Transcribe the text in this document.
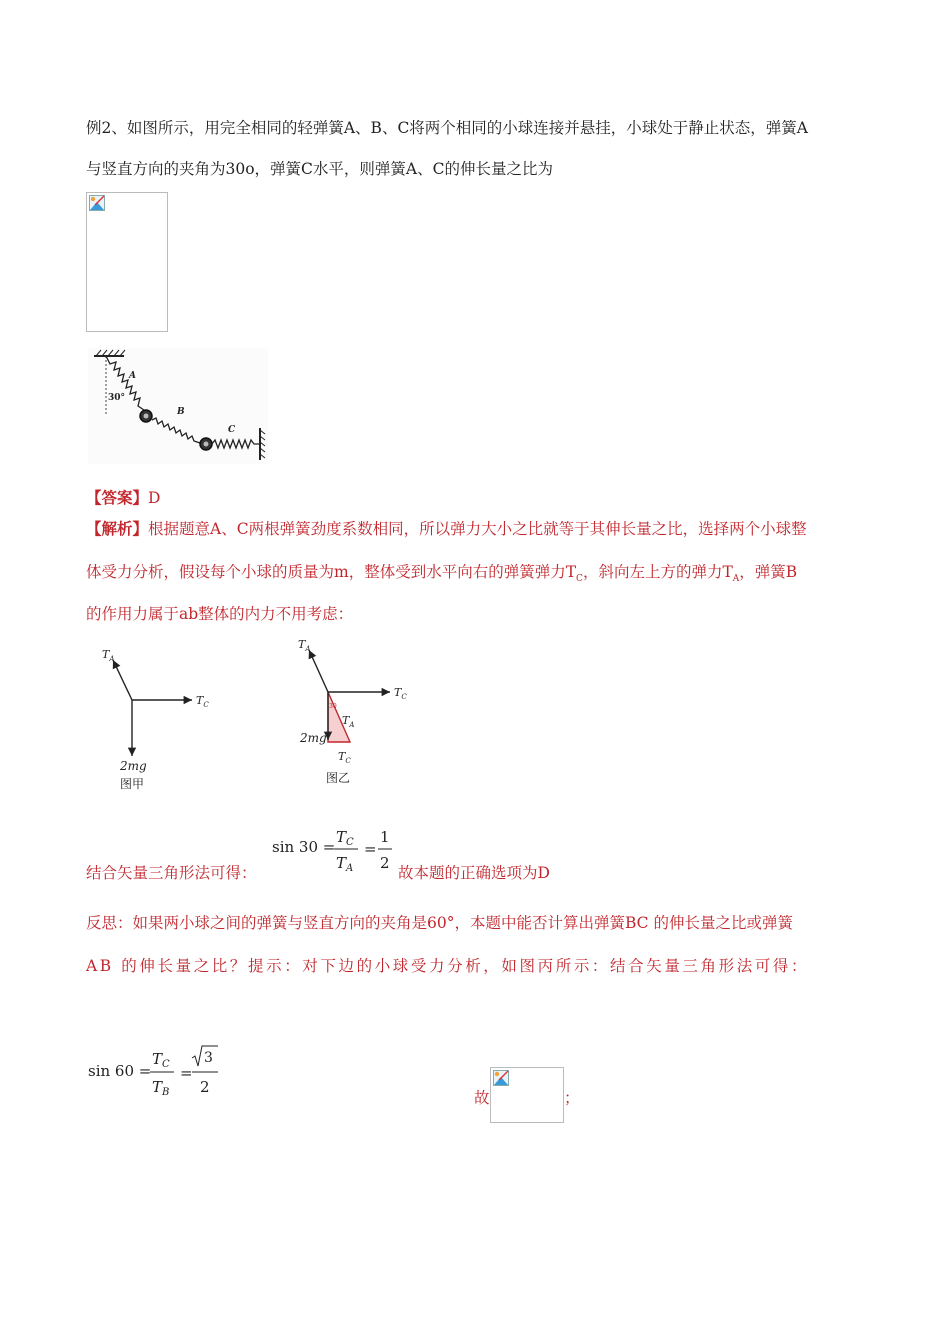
例2、如图所示，用完全相同的轻弹簧A、B、C将两个相同的小球连接并悬挂，小球处于静止状态，弹簧A
与竖直方向的夹角为30o，弹簧C水平，则弹簧A、C的伸长量之比为
A
30°
B
C
【答案】D
【解析】根据题意A、C两根弹簧劲度系数相同，所以弹力大小之比就等于其伸长量之比，选择两个小球整
体受力分析，假设每个小球的质量为m，整体受到水平向右的弹簧弹力$T_C$，斜向左上方的弹力$T_A$，弹簧B
的作用力属于ab整体的内力不用考虑：
$T_A$
$T_C$
2mg
图甲
$T_A$
$T_C$
$T_A$
$T_C$
30
2mg
图乙
结合矢量三角形法可得：
sin 30 =
$T_C$
$T_A$
=
1
2
故本题的正确选项为D
反思：如果两小球之间的弹簧与竖直方向的夹角是60°，本题中能否计算出弹簧BC 的伸长量之比或弹簧
AB 的伸长量之比？提示：对下边的小球受力分析，如图丙所示：结合矢量三角形法可得：
sin 60 =
$T_C$
$T_B$
=
3
2
故	；
